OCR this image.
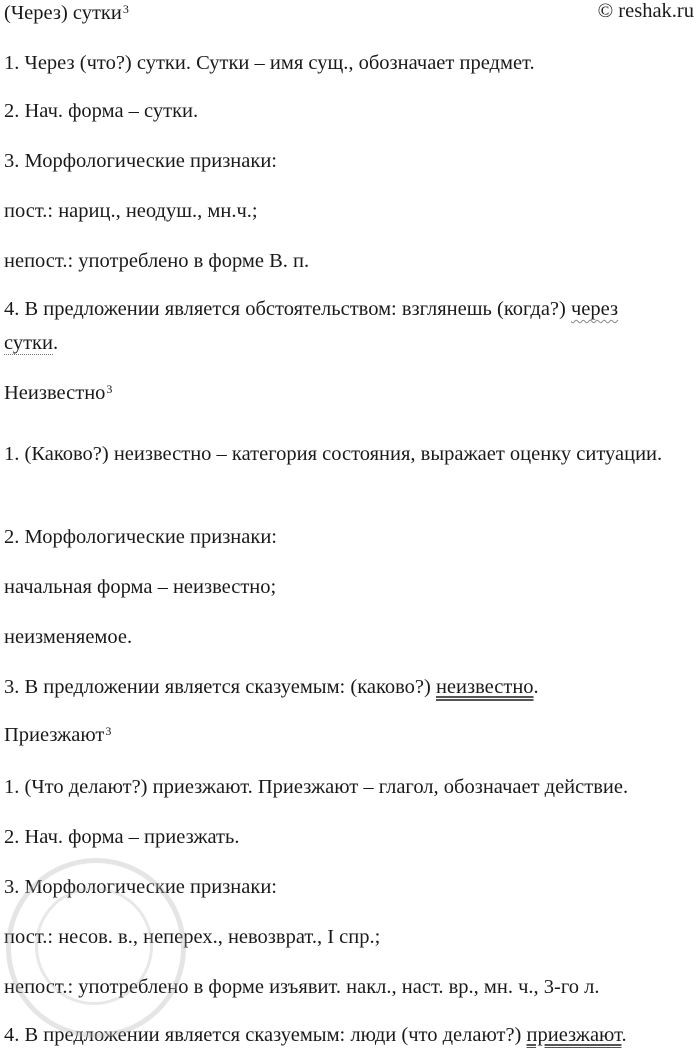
(Через) сутки$^3$	© reshak.ru
1. Через (что?) сутки. Сутки – имя сущ., обозначает предмет.
2. Нач. форма – сутки.
3. Морфологические признаки:
пост.: нариц., неодуш., мн.ч.;
непост.: употреблено в форме В. п.
4. В предложении является обстоятельством: взглянешь (когда?) через
сутки.
Неизвестно$^3$
1. (Каково?) неизвестно – категория состояния, выражает оценку ситуации.
2. Морфологические признаки:
начальная форма – неизвестно;
неизменяемое.
3. В предложении является сказуемым: (каково?) неизвестно.
Приезжают$^3$
1. (Что делают?) приезжают. Приезжают – глагол, обозначает действие.
2. Нач. форма – приезжать.
3. Морфологические признаки:
пост.: несов. в., неперех., невозврат., I спр.;
непост.: употреблено в форме изъявит. накл., наст. вр., мн. ч., 3-го л.
4. В предложении является сказуемым: люди (что делают?) приезжают.
